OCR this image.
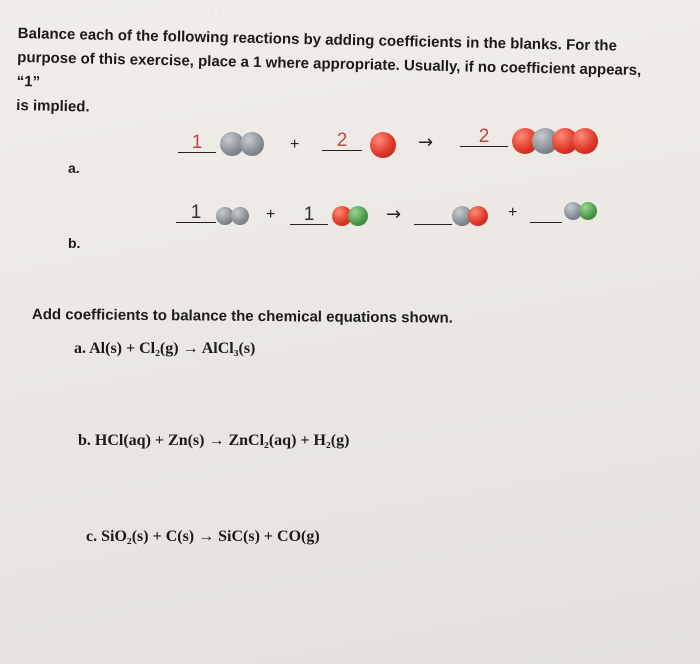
· · · · · · ·
Balance each of the following reactions by adding coefficients in the blanks. For the
purpose of this exercise, place a 1 where appropriate. Usually, if no coefficient appears, “1”
is implied.
a.
1	+	2	→	2
b.
1	+	1	→	+
Add coefficients to balance the chemical equations shown.
a. Al(s) + Cl₂(g) → AlCl₃(s)
b. HCl(aq) + Zn(s) → ZnCl₂(aq) + H₂(g)
c. SiO₂(s) + C(s) → SiC(s) + CO(g)
